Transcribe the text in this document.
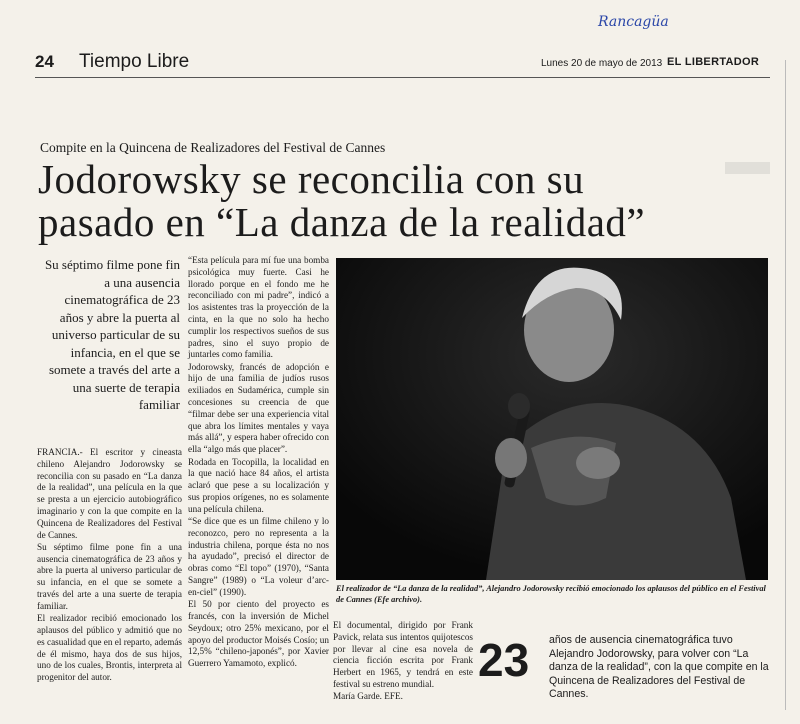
Rancagüa
24 Tiempo Libre	Lunes 20 de mayo de 2013 EL LIBERTADOR
Compite en la Quincena de Realizadores del Festival de Cannes
Jodorowsky se reconcilia con su
pasado en “La danza de la realidad”
Su séptimo filme pone fin a una ausencia cinematográfica de 23 años y abre la puerta al universo particular de su infancia, en el que se somete a través del arte a una suerte de terapia familiar

FRANCIA.- El escritor y cineasta chileno Alejandro Jodorowsky se reconcilia con su pasado en “La danza de la realidad”, una película en la que se presta a un ejercicio autobiográfico imaginario y con la que compite en la Quincena de Realizadores del Festival de Cannes.

Su séptimo filme pone fin a una ausencia cinematográfica de 23 años y abre la puerta al universo particular de su infancia, en el que se somete a través del arte a una suerte de terapia familiar.

El realizador recibió emocionado los aplausos del público y admitió que no es casualidad que en el reparto, además de él mismo, haya dos de sus hijos, uno de los cuales, Brontis, interpreta al progenitor del autor.

“Esta película para mí fue una bomba psicológica muy fuerte. Casi he llorado porque en el fondo me he reconciliado con mi padre”, indicó a los asistentes tras la proyección de la cinta, en la que no solo ha hecho cumplir los respectivos sueños de sus padres, sino el suyo propio de juntarles como familia.

Jodorowsky, francés de adopción e hijo de una familia de judíos rusos exiliados en Sudamérica, cumple sin concesiones su creencia de que “filmar debe ser una experiencia vital que abra los límites mentales y vaya más allá”, y espera haber ofrecido con ella “algo más que placer”.

Rodada en Tocopilla, la localidad en la que nació hace 84 años, el artista aclaró que pese a su localización y sus propios orígenes, no es solamente una película chilena.

“Se dice que es un filme chileno y lo reconozco, pero no representa a la industria chilena, porque ésta no nos ha ayudado”, precisó el director de obras como “El topo” (1970), “Santa Sangre” (1989) o “La voleur d’arc-en-ciel” (1990).

El 50 por ciento del proyecto es francés, con la inversión de Michel Seydoux; otro 25% mexicano, por el apoyo del productor Moisés Cosío; un 12,5% “chileno-japonés”, por Xavier Guerrero Yamamoto, explicó.

El realizador de “La danza de la realidad”, Alejandro Jodorowsky recibió emocionado los aplausos del público en el Festival de Cannes (Efe archivo).

El documental, dirigido por Frank Pavick, relata sus intentos quijotescos por llevar al cine esa novela de ciencia ficción escrita por Frank Herbert en 1965, y tendrá en este festival su estreno mundial.

María Garde. EFE.

23 años de ausencia cinematográfica tuvo Alejandro Jodorowsky, para volver con “La danza de la realidad”, con la que compite en la Quincena de Realizadores del Festival de Cannes.
